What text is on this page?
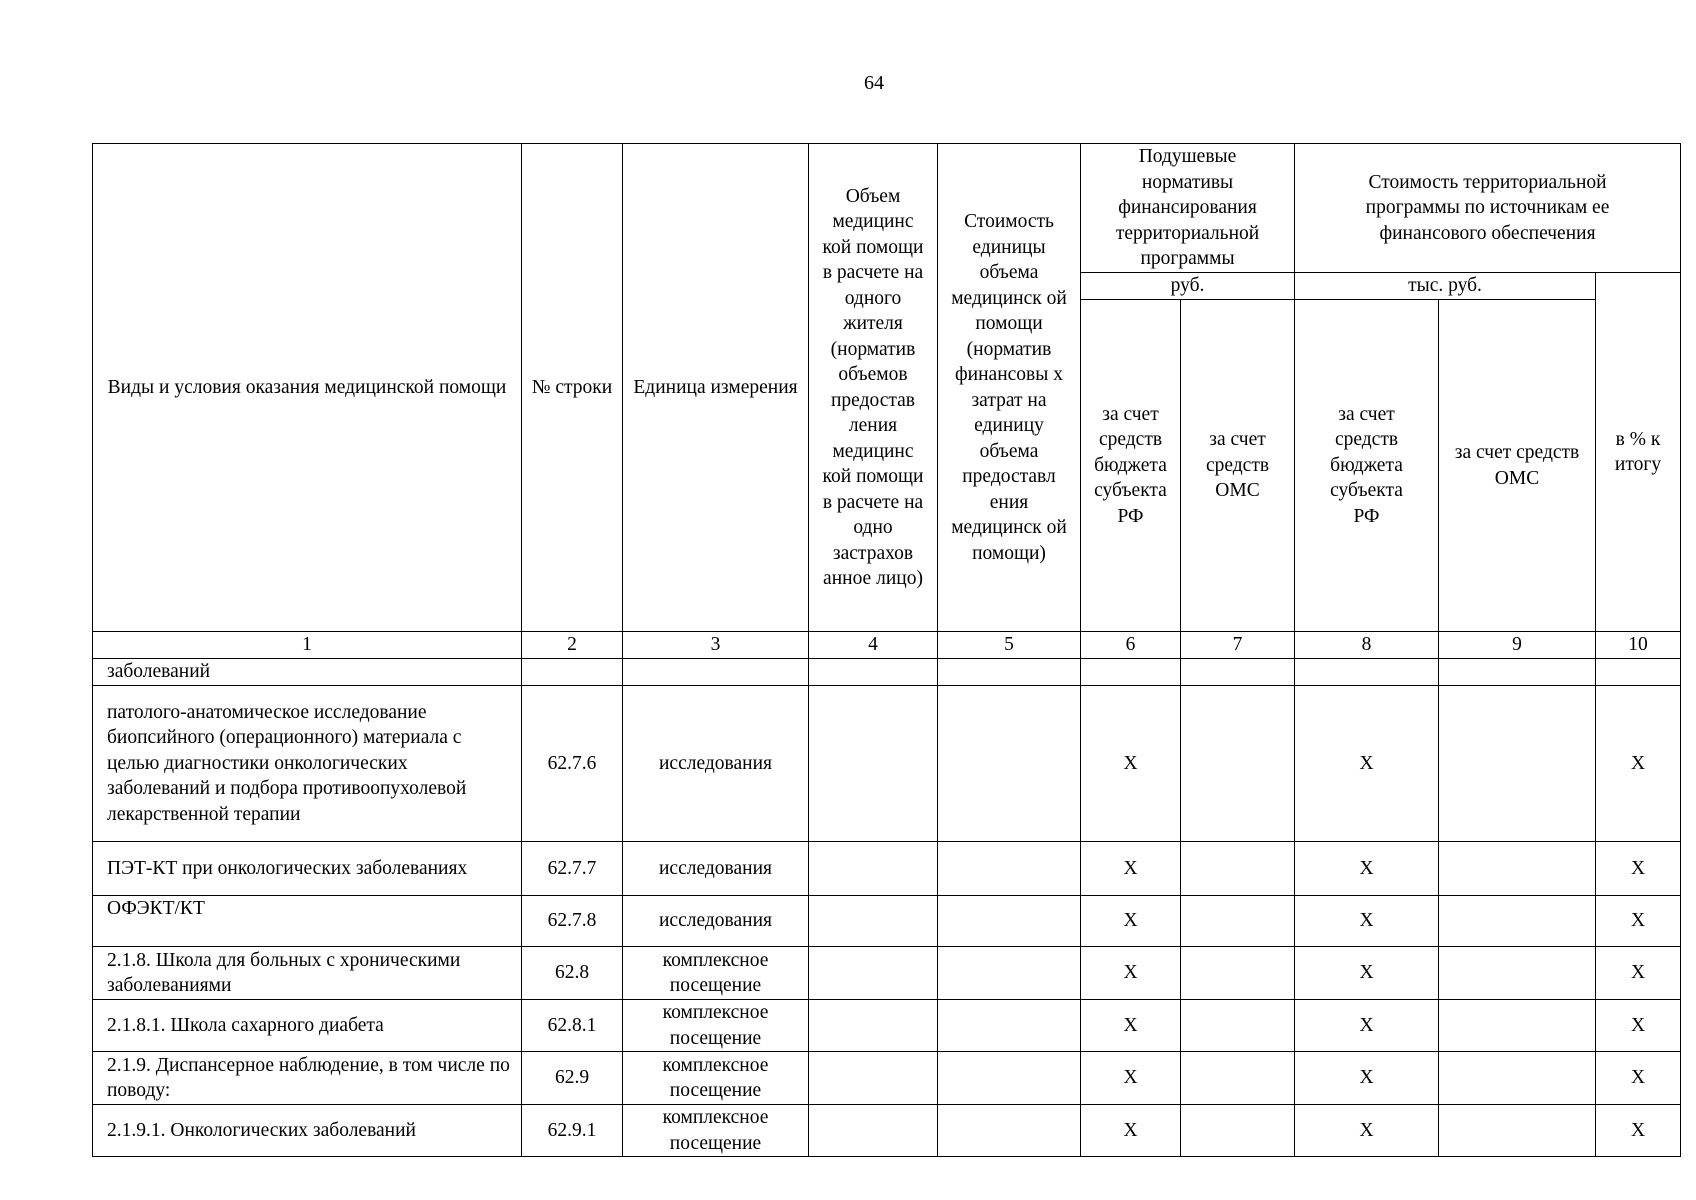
64
Виды и условия оказания медицинской помощи	№ строки	Единица измерения	Объем медицинс кой помощи в расчете на одного жителя (норматив объемов предостав ления медицинс кой помощи в расчете на одно застрахов анное лицо)	Стоимость единицы объема медицинск ой помощи (норматив финансовы х затрат на единицу объема предоставл ения медицинск ой помощи)	Подушевые нормативы финансирования территориальной программы		Стоимость территориальной программы по источникам ее финансового обеспечения		
					руб.		тыс. руб.		в % к итогу
					за счет средств бюджета субъекта РФ	за счет средств ОМС	за счет средств бюджета субъекта РФ	за счет средств ОМС	
1	2	3	4	5	6	7	8	9	10
заболеваний									
патолого-анатомическое исследование биопсийного (операционного) материала с целью диагностики онкологических заболеваний и подбора противоопухолевой лекарственной терапии	62.7.6	исследования			Х		Х		Х
ПЭТ-КТ при онкологических заболеваниях	62.7.7	исследования			Х		Х		Х
ОФЭКТ/КТ	62.7.8	исследования			Х		Х		Х
2.1.8. Школа для больных с хроническими заболеваниями	62.8	комплексное посещение			Х		Х		Х
2.1.8.1. Школа сахарного диабета	62.8.1	комплексное посещение			Х		Х		Х
2.1.9. Диспансерное наблюдение, в том числе по поводу:	62.9	комплексное посещение			Х		Х		Х
2.1.9.1. Онкологических заболеваний	62.9.1	комплексное посещение			Х		Х		Х
